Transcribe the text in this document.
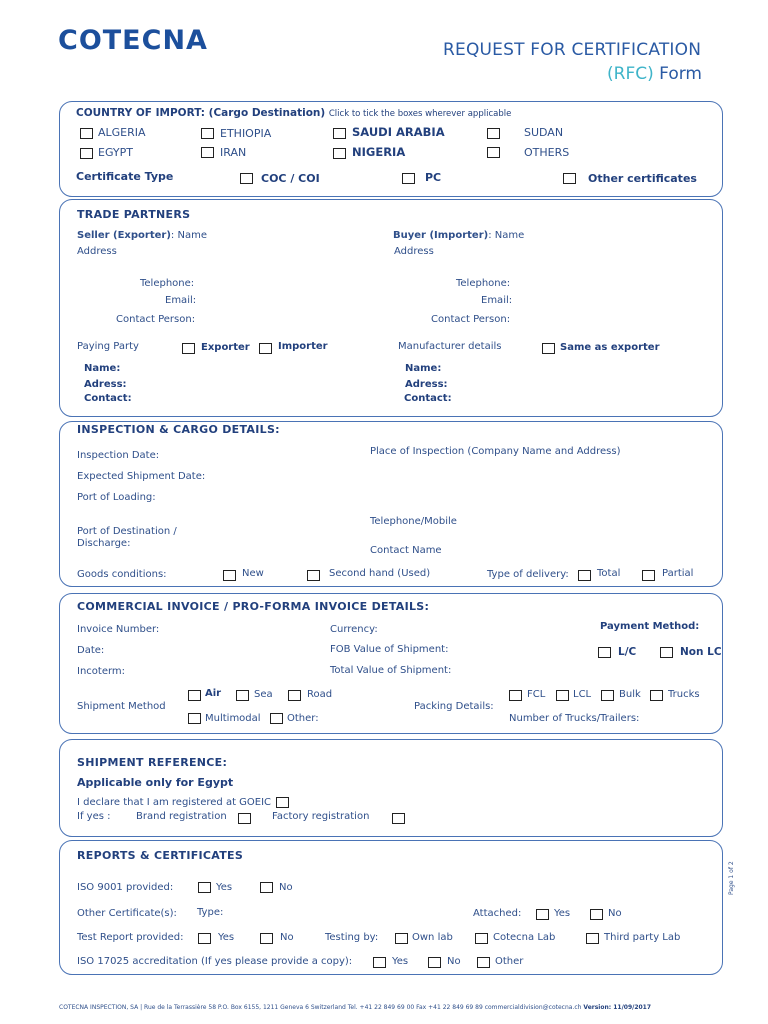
COTECNA	REQUEST FOR CERTIFICATION
(RFC) Form
COUNTRY OF IMPORT: (Cargo Destination) Click to tick the boxes wherever applicable
ALGERIA	ETHIOPIA	SAUDI ARABIA	SUDAN
EGYPT	IRAN	NIGERIA	OTHERS
Certificate Type	COC / COI	PC	Other certificates
TRADE PARTNERS
Seller (Exporter): Name
Address
Telephone:
Email:
Contact Person:
Buyer (Importer): Name
Address
Telephone:
Email:
Contact Person:
Paying Party	Exporter	Importer	Manufacturer details	Same as exporter
Name:
Adress:
Contact:
Name:
Adress:
Contact:
INSPECTION & CARGO DETAILS:
Inspection Date:
Expected Shipment Date:
Port of Loading:
Port of Destination /
Discharge:
Place of Inspection (Company Name and Address)
Telephone/Mobile
Contact Name
Goods conditions:	New	Second hand (Used)	Type of delivery:	Total	Partial
COMMERCIAL INVOICE / PRO-FORMA INVOICE DETAILS:
Invoice Number:
Date:
Incoterm:
Currency:
FOB Value of Shipment:
Total Value of Shipment:
Payment Method:
L/C	Non LC
Shipment Method
Air	Sea	Road
Multimodal	Other:
Packing Details:
FCL	LCL	Bulk	Trucks
Number of Trucks/Trailers:
SHIPMENT REFERENCE:
Applicable only for Egypt
I declare that I am registered at GOEIC
If yes :	Brand registration	Factory registration
REPORTS & CERTIFICATES
ISO 9001 provided:	Yes	No
Other Certificate(s): Type:	Attached:	Yes	No
Test Report provided:	Yes	No	Testing by:	Own lab	Cotecna Lab	Third party Lab
ISO 17025 accreditation (If yes please provide a copy):	Yes	No	Other
Page 1 of 2
COTECNA INSPECTION, SA | Rue de la Terrassière 58 P.O. Box 6155, 1211 Geneva 6 Switzerland Tel. +41 22 849 69 00 Fax +41 22 849 69 89 commercialdivision@cotecna.ch Version: 11/09/2017
